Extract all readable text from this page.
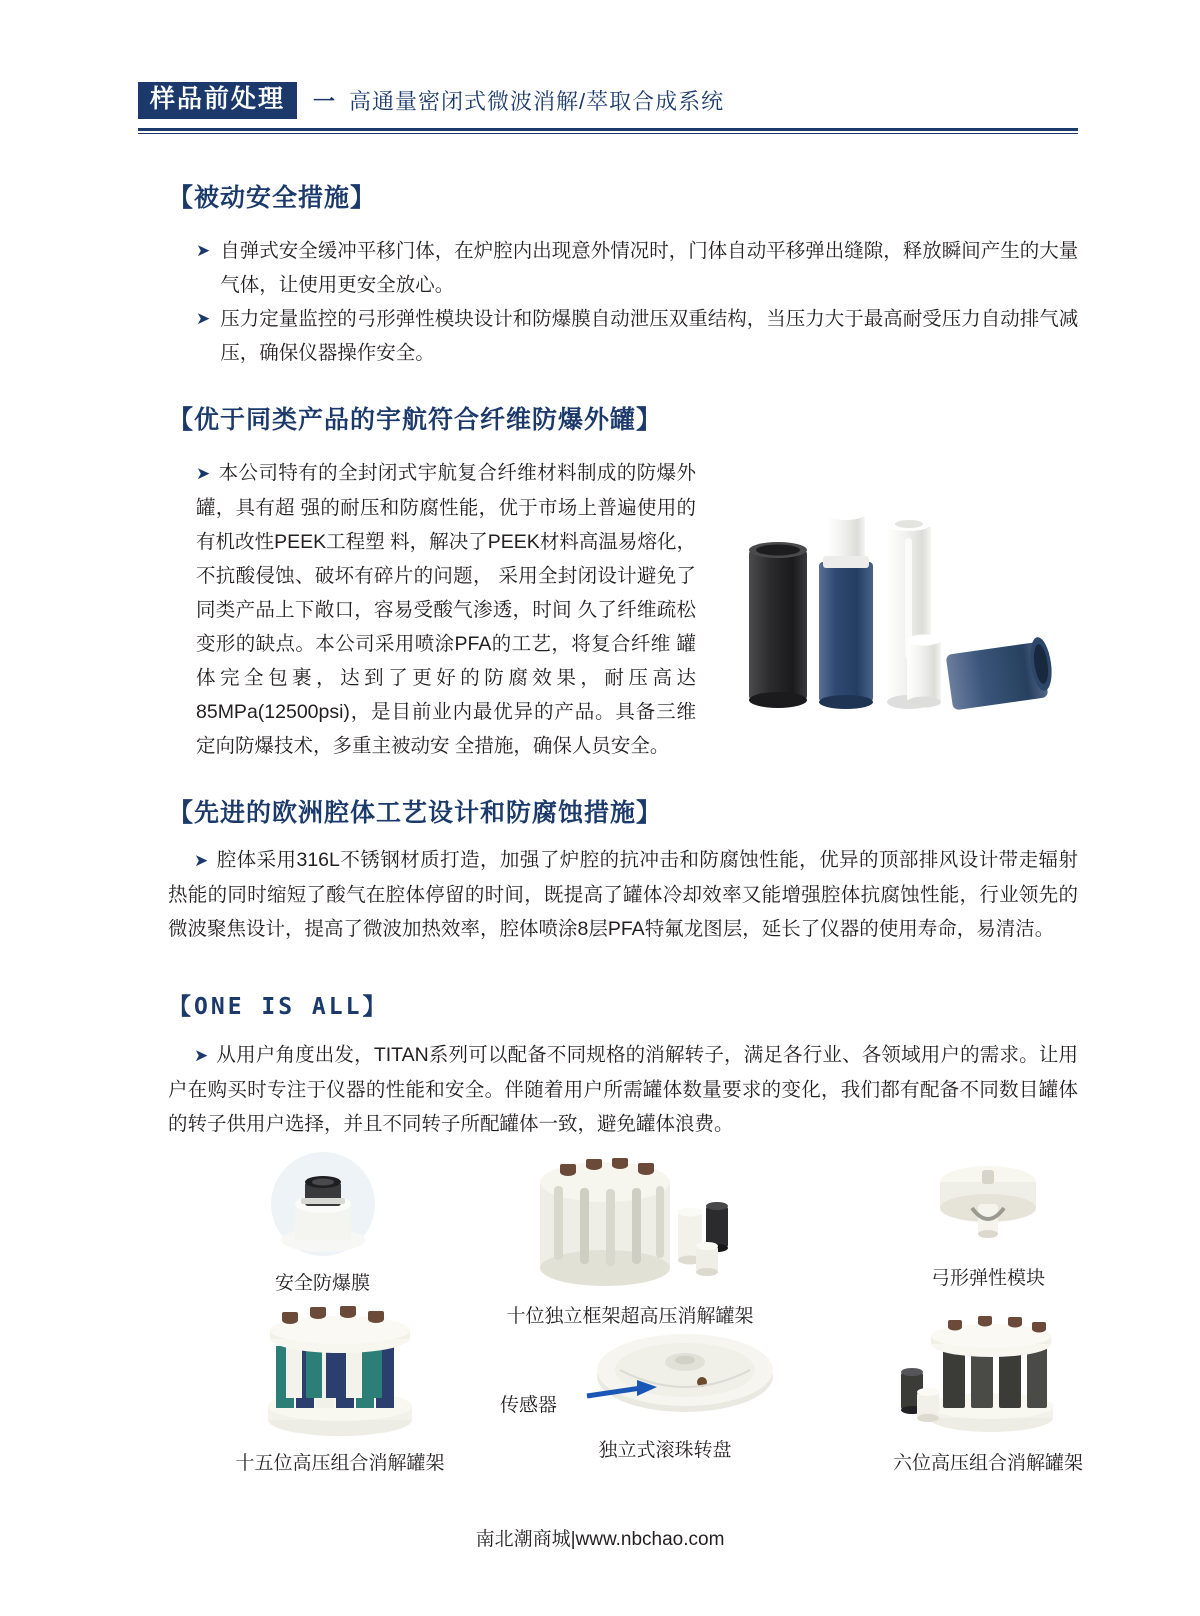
样品前处理	一 高通量密闭式微波消解/萃取合成系统
【被动安全措施】
➤ 自弹式安全缓冲平移门体，在炉腔内出现意外情况时，门体自动平移弹出缝隙，释放瞬间产生的大量气体，让使用更安全放心。
➤ 压力定量监控的弓形弹性模块设计和防爆膜自动泄压双重结构，当压力大于最高耐受压力自动排气减压，确保仪器操作安全。
【优于同类产品的宇航符合纤维防爆外罐】
➤ 本公司特有的全封闭式宇航复合纤维材料制成的防爆外罐，具有超 强的耐压和防腐性能，优于市场上普遍使用的有机改性PEEK工程塑 料，解决了PEEK材料高温易熔化，不抗酸侵蚀、破坏有碎片的问题， 采用全封闭设计避免了同类产品上下敞口，容易受酸气渗透，时间 久了纤维疏松变形的缺点。本公司采用喷涂PFA的工艺，将复合纤维 罐体完全包裹，达到了更好的防腐效果，耐压高达85MPa(12500psi)，是目前业内最优异的产品。具备三维定向防爆技术，多重主被动安 全措施，确保人员安全。
【先进的欧洲腔体工艺设计和防腐蚀措施】
➤ 腔体采用316L不锈钢材质打造，加强了炉腔的抗冲击和防腐蚀性能，优异的顶部排风设计带走辐射热能的同时缩短了酸气在腔体停留的时间，既提高了罐体冷却效率又能增强腔体抗腐蚀性能，行业领先的微波聚焦设计，提高了微波加热效率，腔体喷涂8层PFA特氟龙图层，延长了仪器的使用寿命，易清洁。
【ONE IS ALL】
➤ 从用户角度出发，TITAN系列可以配备不同规格的消解转子，满足各行业、各领域用户的需求。让用户在购买时专注于仪器的性能和安全。伴随着用户所需罐体数量要求的变化，我们都有配备不同数目罐体的转子供用户选择，并且不同转子所配罐体一致，避免罐体浪费。
安全防爆膜
十位独立框架超高压消解罐架
弓形弹性模块
十五位高压组合消解罐架
独立式滚珠转盘
传感器
六位高压组合消解罐架
南北潮商城|www.nbchao.com
